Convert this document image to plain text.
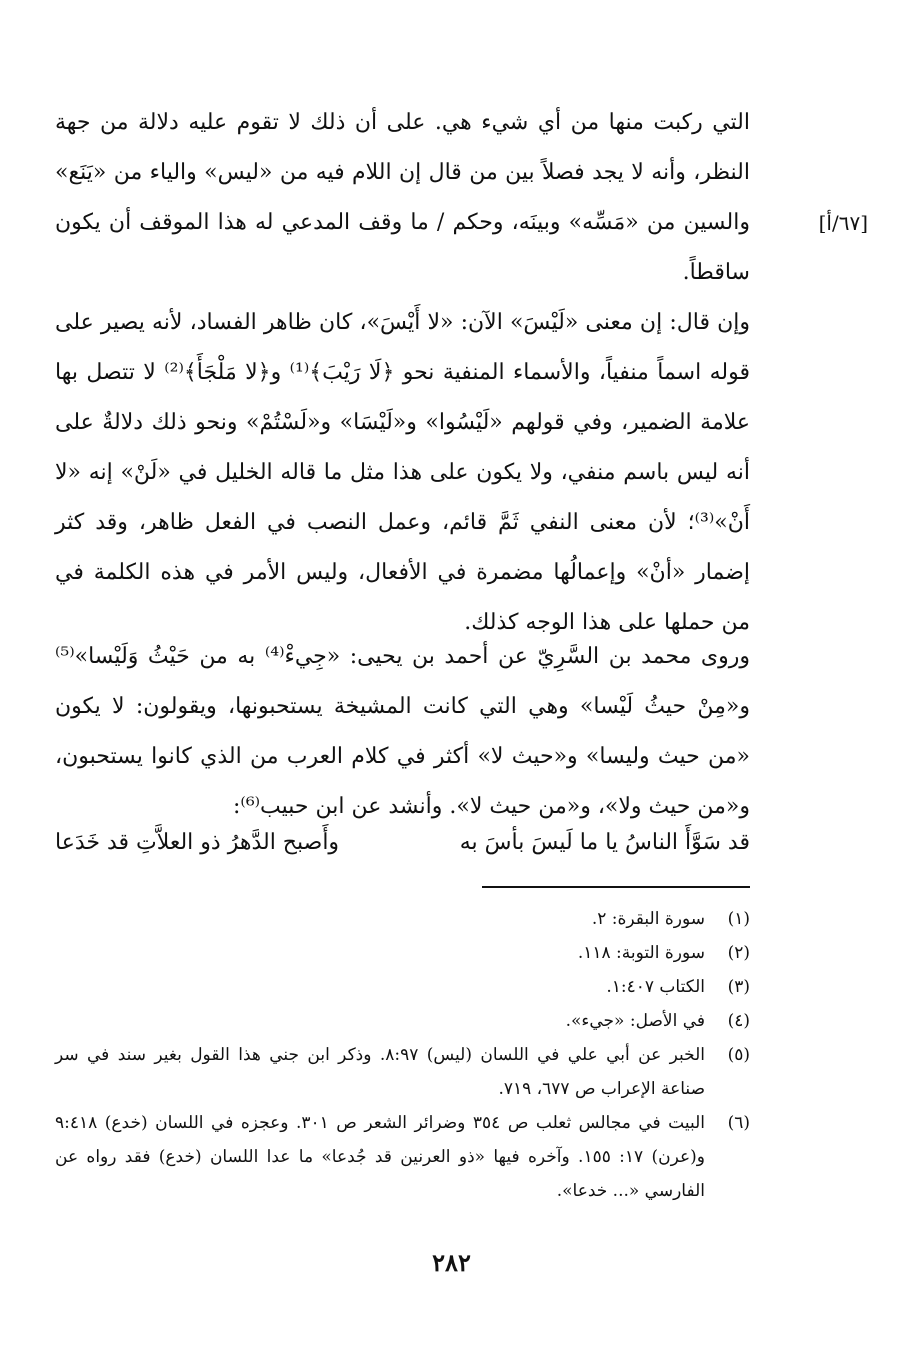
[٦٧/أ]

التي ركبت منها من أي شيء هي. على أن ذلك لا تقوم عليه دلالة من جهة النظر، وأنه لا يجد فصلاً بين من قال إن اللام فيه من «ليس» والياء من «يَنَع» والسين من «مَسِّه» وبينَه، وحكم / ما وقف المدعي له هذا الموقف أن يكون ساقطاً.

وإن قال: إن معنى «لَيْسَ» الآن: «لا أَيْسَ»، كان ظاهر الفساد، لأنه يصير على قوله اسماً منفياً، والأسماء المنفية نحو ﴿لَا رَيْبَ﴾⁽¹⁾ و﴿لا مَلْجَأَ﴾⁽²⁾ لا تتصل بها علامة الضمير، وفي قولهم «لَيْسُوا» و«لَيْسَا» و«لَسْتُمْ» ونحو ذلك دلالةٌ على أنه ليس باسم منفي، ولا يكون على هذا مثل ما قاله الخليل في «لَنْ» إنه «لا أَنْ»⁽³⁾؛ لأن معنى النفي ثَمَّ قائم، وعمل النصب في الفعل ظاهر، وقد كثر إضمار «أنْ» وإعمالُها مضمرة في الأفعال، وليس الأمر في هذه الكلمة في من حملها على هذا الوجه كذلك.

وروى محمد بن السَّرِيّ عن أحمد بن يحيى: «جِيءْ⁽⁴⁾ به من حَيْثُ وَلَيْسا»⁽⁵⁾ و«مِنْ حيثُ لَيْسا» وهي التي كانت المشيخة يستحبونها، ويقولون: لا يكون «من حيث وليسا» و«حيث لا» أكثر في كلام العرب من الذي كانوا يستحبون، و«من حيث ولا»، و«من حيث لا». وأنشد عن ابن حبيب⁽⁶⁾:

قد سَوَّأَ الناسُ يا ما لَيسَ بأسَ به
وأَصبح الدَّهرُ ذو العلاَّتِ قد خَدَعا
(١)
سورة البقرة: ٢.
(٢)
سورة التوبة: ١١٨.
(٣)
الكتاب ١:٤٠٧.
(٤)
في الأصل: «جيء».
(٥)
الخبر عن أبي علي في اللسان (ليس) ٨:٩٧. وذكر ابن جني هذا القول بغير سند في سر صناعة الإعراب ص ٦٧٧، ٧١٩.
(٦)
البيت في مجالس ثعلب ص ٣٥٤ وضرائر الشعر ص ٣٠١. وعجزه في اللسان (خدع) ٩:٤١٨ و(عرن) ١٧: ١٥٥. وآخره فيها «ذو العرنين قد جُدعا» ما عدا اللسان (خدع) فقد رواه عن الفارسي «... خدعا».
٢٨٢
